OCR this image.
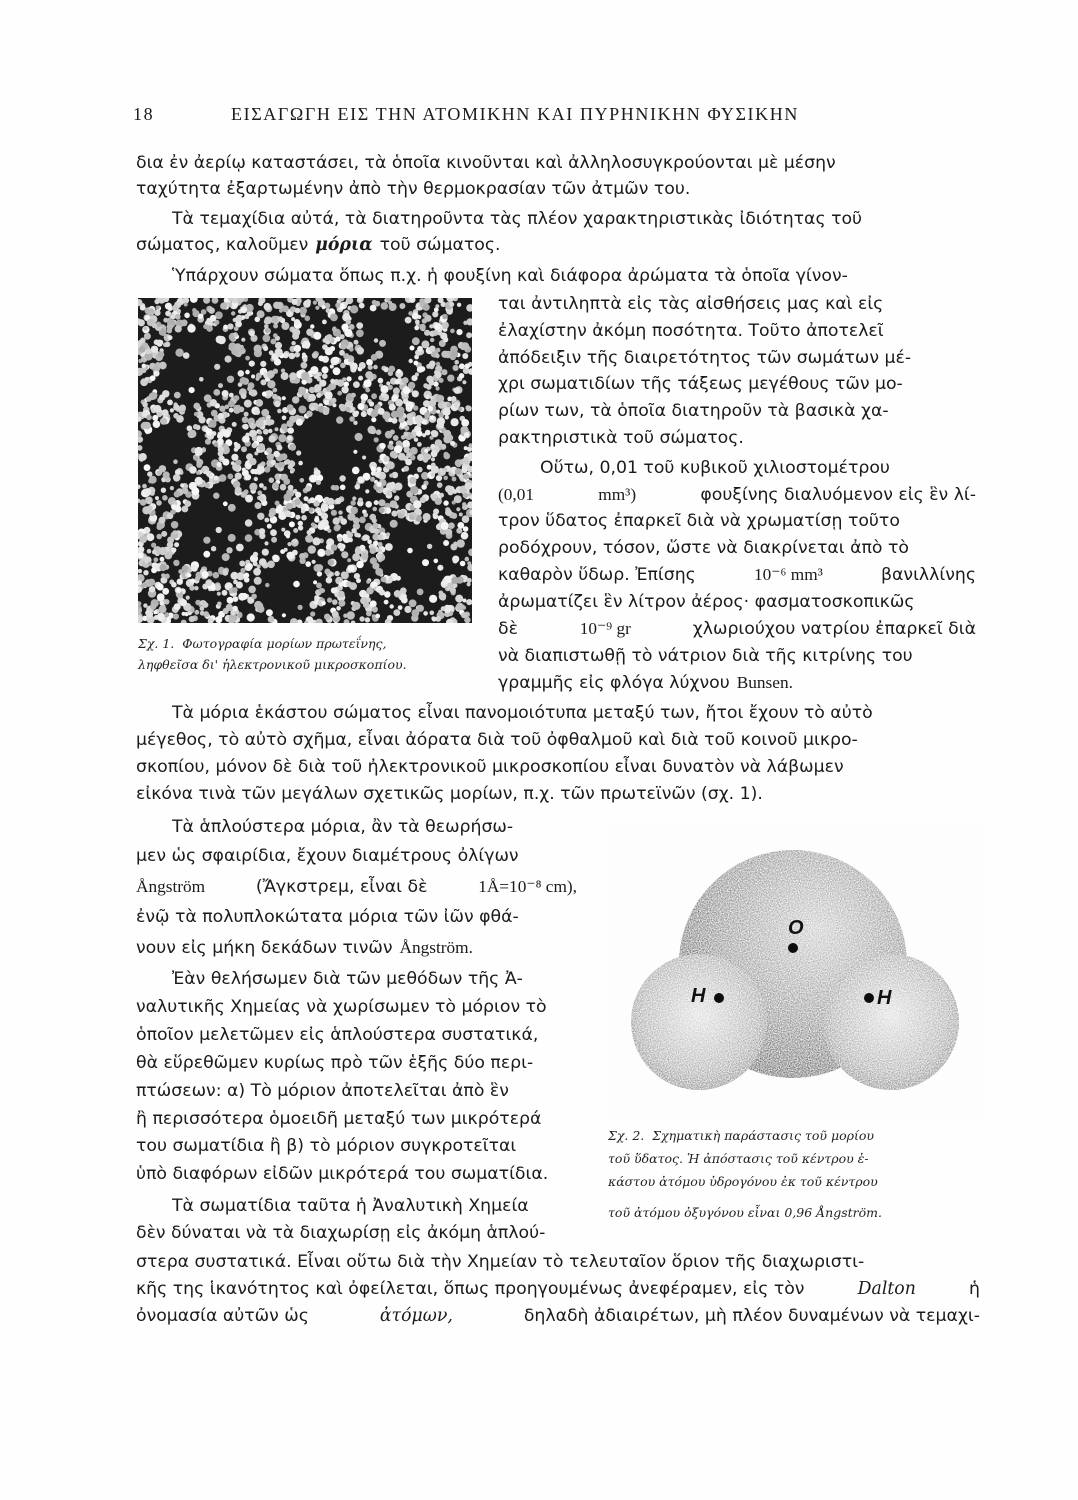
18	ΕΙΣΑΓΩΓΗ ΕΙΣ ΤΗΝ ΑΤΟΜΙΚΗΝ ΚΑΙ ΠΥΡΗΝΙΚΗΝ ΦΥΣΙΚΗΝ
δια ἐν ἀερίῳ καταστάσει, τὰ ὁποῖα κινοῦνται καὶ ἀλληλοσυγκρούονται μὲ μέσην
ταχύτητα ἐξαρτωμένην ἀπὸ τὴν θερμοκρασίαν τῶν ἀτμῶν του.
Τὰ τεμαχίδια αὐτά, τὰ διατηροῦντα τὰς πλέον χαρακτηριστικὰς ἰδιότητας τοῦ
σώματος, καλοῦμεν μόρια τοῦ σώματος.
Ὑπάρχουν σώματα ὅπως π.χ. ἡ φουξίνη καὶ διάφορα ἀρώματα τὰ ὁποῖα γίνον-
Σχ. 1. Φωτογραφία μορίων πρωτεΐνης,
ληφθεῖσα δι' ἠλεκτρονικοῦ μικροσκοπίου.
ται ἀντιληπτὰ εἰς τὰς αἰσθήσεις μας καὶ εἰς
ἐλαχίστην ἀκόμη ποσότητα. Τοῦτο ἀποτελεῖ
ἀπόδειξιν τῆς διαιρετότητος τῶν σωμάτων μέ-
χρι σωματιδίων τῆς τάξεως μεγέθους τῶν μο-
ρίων των, τὰ ὁποῖα διατηροῦν τὰ βασικὰ χα-
ρακτηριστικὰ τοῦ σώματος.
Οὕτω, 0,01 τοῦ κυβικοῦ χιλιοστομέτρου
(0,01	mm³)	φουξίνης διαλυόμενον εἰς ἓν λί-
τρον ὕδατος ἐπαρκεῖ διὰ νὰ χρωματίσῃ τοῦτο
ροδόχρουν, τόσον, ὥστε νὰ διακρίνεται ἀπὸ τὸ
καθαρὸν ὕδωρ. Ἐπίσης	10⁻⁶ mm³	βανιλλίνης
ἀρωματίζει ἓν λίτρον ἀέρος· φασματοσκοπικῶς
δὲ	10⁻⁹ gr	χλωριούχου νατρίου ἐπαρκεῖ διὰ
νὰ διαπιστωθῇ τὸ νάτριον διὰ τῆς κιτρίνης του
γραμμῆς εἰς φλόγα λύχνου Bunsen.
Τὰ μόρια ἑκάστου σώματος εἶναι πανομοιότυπα μεταξύ των, ἤτοι ἔχουν τὸ αὐτὸ
μέγεθος, τὸ αὐτὸ σχῆμα, εἶναι ἀόρατα διὰ τοῦ ὀφθαλμοῦ καὶ διὰ τοῦ κοινοῦ μικρο-
σκοπίου, μόνον δὲ διὰ τοῦ ἠλεκτρονικοῦ μικροσκοπίου εἶναι δυνατὸν νὰ λάβωμεν
εἰκόνα τινὰ τῶν μεγάλων σχετικῶς μορίων, π.χ. τῶν πρωτεϊνῶν (σχ. 1).
Τὰ ἁπλούστερα μόρια, ἂν τὰ θεωρήσω-
μεν ὡς σφαιρίδια, ἔχουν διαμέτρους ὀλίγων
Ångström	(Ἄγκστρεμ, εἶναι δὲ	1Å=10⁻⁸ cm),
ἐνῷ τὰ πολυπλοκώτατα μόρια τῶν ἰῶν φθά-
νουν εἰς μήκη δεκάδων τινῶν Ångström.
Ἐὰν θελήσωμεν διὰ τῶν μεθόδων τῆς Ἀ-
ναλυτικῆς Χημείας νὰ χωρίσωμεν τὸ μόριον τὸ
ὁποῖον μελετῶμεν εἰς ἁπλούστερα συστατικά,
θὰ εὕρεθῶμεν κυρίως πρὸ τῶν ἑξῆς δύο περι-
πτώσεων: α) Τὸ μόριον ἀποτελεῖται ἀπὸ ἓν
ἢ περισσότερα ὁμοειδῆ μεταξύ των μικρότερά
του σωματίδια ἢ β) τὸ μόριον συγκροτεῖται
ὑπὸ διαφόρων εἰδῶν μικρότερά του σωματίδια.
Τὰ σωματίδια ταῦτα ἡ Ἀναλυτικὴ Χημεία
δὲν δύναται νὰ τὰ διαχωρίσῃ εἰς ἀκόμη ἁπλού-
O
H	H
Σχ. 2. Σχηματικὴ παράστασις τοῦ μορίου
τοῦ ὕδατος. Ἡ ἀπόστασις τοῦ κέντρου ἑ-
κάστου ἀτόμου ὑδρογόνου ἐκ τοῦ κέντρου
τοῦ ἀτόμου ὀξυγόνου εἶναι 0,96 Ångström.
στερα συστατικά. Εἶναι οὕτω διὰ τὴν Χημείαν τὸ τελευταῖον ὅριον τῆς διαχωριστι-
κῆς της ἱκανότητος καὶ ὀφείλεται, ὅπως προηγουμένως ἀνεφέραμεν, εἰς τὸν	Dalton	ἡ
ὀνομασία αὐτῶν ὡς	ἀτόμων,	δηλαδὴ ἀδιαιρέτων, μὴ πλέον δυναμένων νὰ τεμαχι-
